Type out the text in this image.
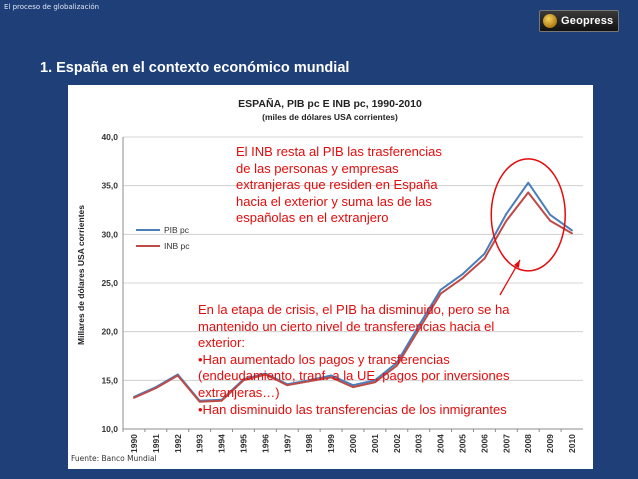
El proceso de globalización
Geopress
1. España en el contexto económico mundial
ESPAÑA, PIB pc E INB pc, 1990-2010
(miles de dólares USA corrientes)
Millares de dólares USA corrientes
10,0
15,0
20,0
25,0
30,0
35,0
40,0
1990 1991 1992 1993 1994 1995 1996 1997 1998 1999 2000 2001 2002 2003 2004 2005 2006 2007 2008 2009 2010
PIB pc
INB pc

El INB resta al PIB las trasferencias

de las personas y empresas

extranjeras que residen en España

hacia el exterior y suma las de las

españolas en el extranjero

En la etapa de crisis, el PIB ha disminuido, pero se ha

mantenido un cierto nivel de transferencias hacia el

exterior:

•Han aumentado los pagos y transferencias

(endeudamiento, tranf. a la UE, pagos por inversiones

extranjeras…)

•Han disminuido las transferencias de los inmigrantes

Fuente: Banco Mundial
